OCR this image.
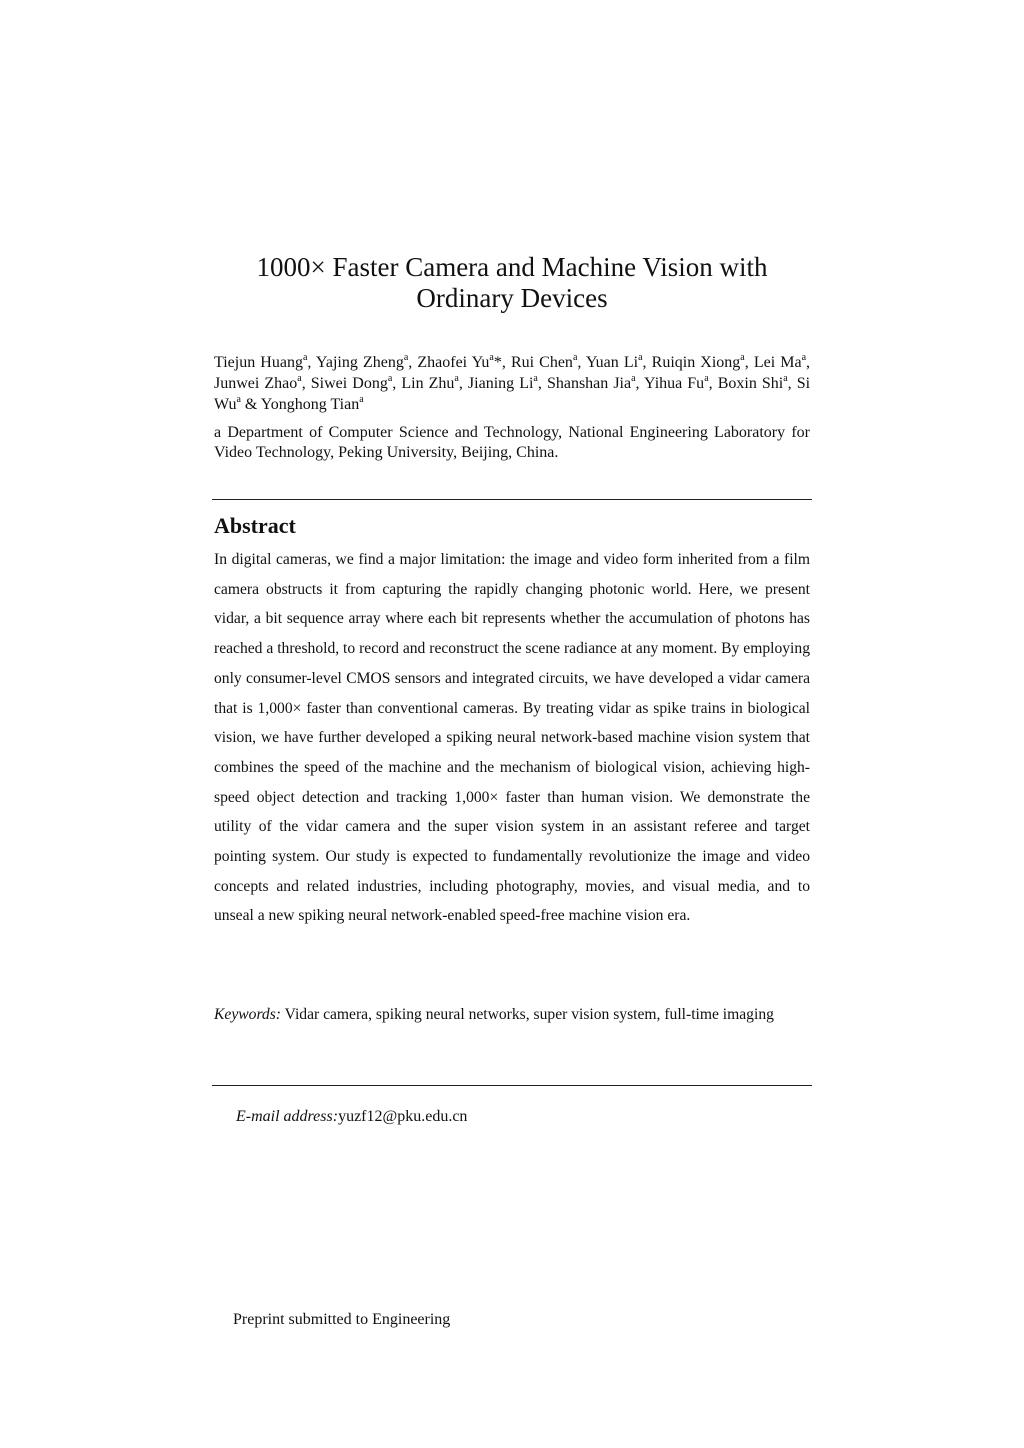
1000× Faster Camera and Machine Vision with
Ordinary Devices
Tiejun Huang$^a$, Yajing Zheng$^a$, Zhaofei Yu$^a$*, Rui Chen$^a$, Yuan Li$^a$, Ruiqin Xiong$^a$, Lei Ma$^a$, Junwei Zhao$^a$, Siwei Dong$^a$, Lin Zhu$^a$, Jianing Li$^a$, Shanshan Jia$^a$, Yihua Fu$^a$, Boxin Shi$^a$, Si Wu$^a$ & Yonghong Tian$^a$
a Department of Computer Science and Technology, National Engineering Laboratory for Video Technology, Peking University, Beijing, China.
Abstract

In digital cameras, we find a major limitation: the image and video form inherited from a film camera obstructs it from capturing the rapidly changing photonic world. Here, we present vidar, a bit sequence array where each bit represents whether the accumulation of photons has reached a threshold, to record and reconstruct the scene radiance at any moment. By employing only consumer-level CMOS sensors and integrated circuits, we have developed a vidar camera that is 1,000× faster than conventional cameras. By treating vidar as spike trains in biological vision, we have further developed a spiking neural network-based machine vision system that combines the speed of the machine and the mechanism of biological vision, achieving high-speed object detection and tracking 1,000× faster than human vision. We demonstrate the utility of the vidar camera and the super vision system in an assistant referee and target pointing system. Our study is expected to fundamentally revolutionize the image and video concepts and related industries, including photography, movies, and visual media, and to unseal a new spiking neural network-enabled speed-free machine vision era.

Keywords: Vidar camera, spiking neural networks, super vision system, full-time imaging

E-mail address:yuzf12@pku.edu.cn
Preprint submitted to Engineering
